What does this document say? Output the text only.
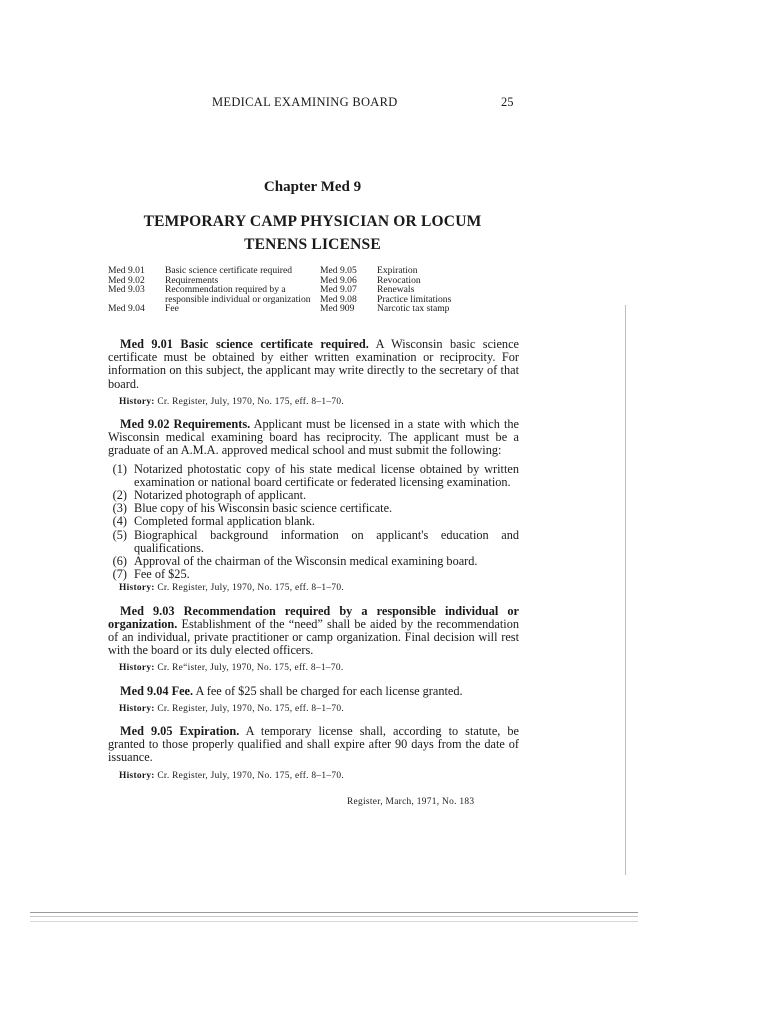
MEDICAL EXAMINING BOARD	25
Chapter Med 9
TEMPORARY CAMP PHYSICIAN OR LOCUM
TENENS LICENSE
Med 9.01	Basic science certificate required
Med 9.02	Requirements
Med 9.03	Recommendation required by a responsible individual or organization
Med 9.04	Fee
Med 9.05	Expiration
Med 9.06	Revocation
Med 9.07	Renewals
Med 9.08	Practice limitations
Med 909	Narcotic tax stamp

Med 9.01 Basic science certificate required. A Wisconsin basic science certificate must be obtained by either written examination or reciprocity. For information on this subject, the applicant may write directly to the secretary of that board.

History: Cr. Register, July, 1970, No. 175, eff. 8–1–70.

Med 9.02 Requirements. Applicant must be licensed in a state with which the Wisconsin medical examining board has reciprocity. The applicant must be a graduate of an A.M.A. approved medical school and must submit the following:

(1) Notarized photostatic copy of his state medical license obtained by written examination or national board certificate or federated licensing examination.
(2) Notarized photograph of applicant.
(3) Blue copy of his Wisconsin basic science certificate.
(4) Completed formal application blank.
(5) Biographical background information on applicant's education and qualifications.
(6) Approval of the chairman of the Wisconsin medical examining board.
(7) Fee of $25.
History: Cr. Register, July, 1970, No. 175, eff. 8–1–70.

Med 9.03 Recommendation required by a responsible individual or organization. Establishment of the “need” shall be aided by the recommendation of an individual, private practitioner or camp organization. Final decision will rest with the board or its duly elected officers.

History: Cr. Re“ister, July, 1970, No. 175, eff. 8–1–70.

Med 9.04 Fee. A fee of $25 shall be charged for each license granted.

History: Cr. Register, July, 1970, No. 175, eff. 8–1–70.

Med 9.05 Expiration. A temporary license shall, according to statute, be granted to those properly qualified and shall expire after 90 days from the date of issuance.

History: Cr. Register, July, 1970, No. 175, eff. 8–1–70.
Register, March, 1971, No. 183
